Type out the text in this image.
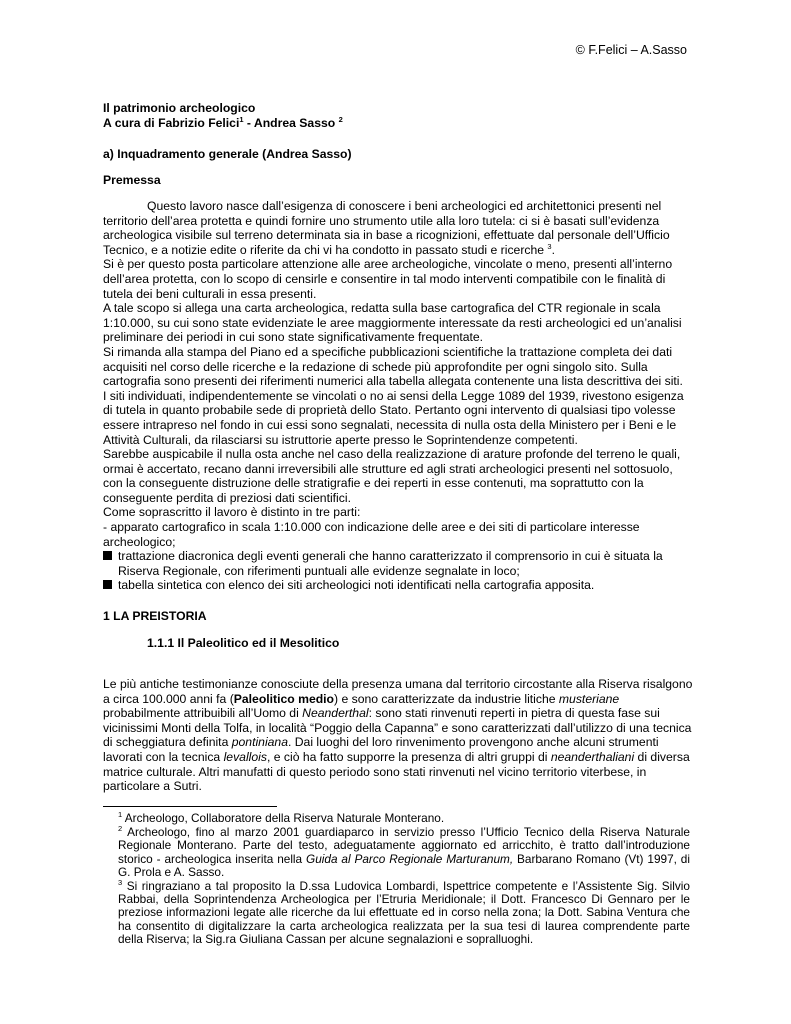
© F.Felici – A.Sasso
Il patrimonio archeologico
A cura di Fabrizio Felici$^1$ - Andrea Sasso $^2$
a) Inquadramento generale (Andrea Sasso)
Premessa

Questo lavoro nasce dall’esigenza di conoscere i beni archeologici ed architettonici presenti nel territorio dell’area protetta e quindi fornire uno strumento utile alla loro tutela: ci si è basati sull’evidenza archeologica visibile sul terreno determinata sia in base a ricognizioni, effettuate dal personale dell’Ufficio Tecnico, e a notizie edite o riferite da chi vi ha condotto in passato studi e ricerche $^3$.

Si è per questo posta particolare attenzione alle aree archeologiche, vincolate o meno, presenti all’interno dell’area protetta, con lo scopo di censirle e consentire in tal modo interventi compatibile con le finalità di tutela dei beni culturali in essa presenti.

A tale scopo si allega una carta archeologica, redatta sulla base cartografica del CTR regionale in scala 1:10.000, su cui sono state evidenziate le aree maggiormente interessate da resti archeologici ed un’analisi preliminare dei periodi in cui sono state significativamente frequentate.

Si rimanda alla stampa del Piano ed a specifiche pubblicazioni scientifiche la trattazione completa dei dati acquisiti nel corso delle ricerche e la redazione di schede più approfondite per ogni singolo sito. Sulla cartografia sono presenti dei riferimenti numerici alla tabella allegata contenente una lista descrittiva dei siti.

I siti individuati, indipendentemente se vincolati o no ai sensi della Legge 1089 del 1939, rivestono esigenza di tutela in quanto probabile sede di proprietà dello Stato. Pertanto ogni intervento di qualsiasi tipo volesse essere intrapreso nel fondo in cui essi sono segnalati, necessita di nulla osta della Ministero per i Beni e le Attività Culturali, da rilasciarsi su istruttorie aperte presso le Soprintendenze competenti.

Sarebbe auspicabile il nulla osta anche nel caso della realizzazione di arature profonde del terreno le quali, ormai è accertato, recano danni irreversibili alle strutture ed agli strati archeologici presenti nel sottosuolo, con la conseguente distruzione delle stratigrafie e dei reperti in esse contenuti, ma soprattutto con la conseguente perdita di preziosi dati scientifici.

Come soprascritto il lavoro è distinto in tre parti:

- apparato cartografico in scala 1:10.000 con indicazione delle aree e dei siti di particolare interesse archeologico;

trattazione diacronica degli eventi generali che hanno caratterizzato il comprensorio in cui è situata la Riserva Regionale, con riferimenti puntuali alle evidenze segnalate in loco;

tabella sintetica con elenco dei siti archeologici noti identificati nella cartografia apposita.

1 LA PREISTORIA
1.1.1 Il Paleolitico ed il Mesolitico

Le più antiche testimonianze conosciute della presenza umana dal territorio circostante alla Riserva risalgono a circa 100.000 anni fa (Paleolitico medio) e sono caratterizzate da industrie litiche musteriane probabilmente attribuibili all’Uomo di Neanderthal: sono stati rinvenuti reperti in pietra di questa fase sui vicinissimi Monti della Tolfa, in località “Poggio della Capanna” e sono caratterizzati dall’utilizzo di una tecnica di scheggiatura definita pontiniana. Dai luoghi del loro rinvenimento provengono anche alcuni strumenti lavorati con la tecnica levallois, e ciò ha fatto supporre la presenza di altri gruppi di neanderthaliani di diversa matrice culturale. Altri manufatti di questo periodo sono stati rinvenuti nel vicino territorio viterbese, in particolare a Sutri.

$^1$ Archeologo, Collaboratore della Riserva Naturale Monterano.

$^2$ Archeologo, fino al marzo 2001 guardiaparco in servizio presso l’Ufficio Tecnico della Riserva Naturale Regionale Monterano. Parte del testo, adeguatamente aggiornato ed arricchito, è tratto dall’introduzione storico - archeologica inserita nella Guida al Parco Regionale Marturanum, Barbarano Romano (Vt) 1997, di G. Prola e A. Sasso.

$^3$ Si ringraziano a tal proposito la D.ssa Ludovica Lombardi, Ispettrice competente e l’Assistente Sig. Silvio Rabbai, della Soprintendenza Archeologica per l’Etruria Meridionale; il Dott. Francesco Di Gennaro per le preziose informazioni legate alle ricerche da lui effettuate ed in corso nella zona; la Dott. Sabina Ventura che ha consentito di digitalizzare la carta archeologica realizzata per la sua tesi di laurea comprendente parte della Riserva; la Sig.ra Giuliana Cassan per alcune segnalazioni e sopralluoghi.
